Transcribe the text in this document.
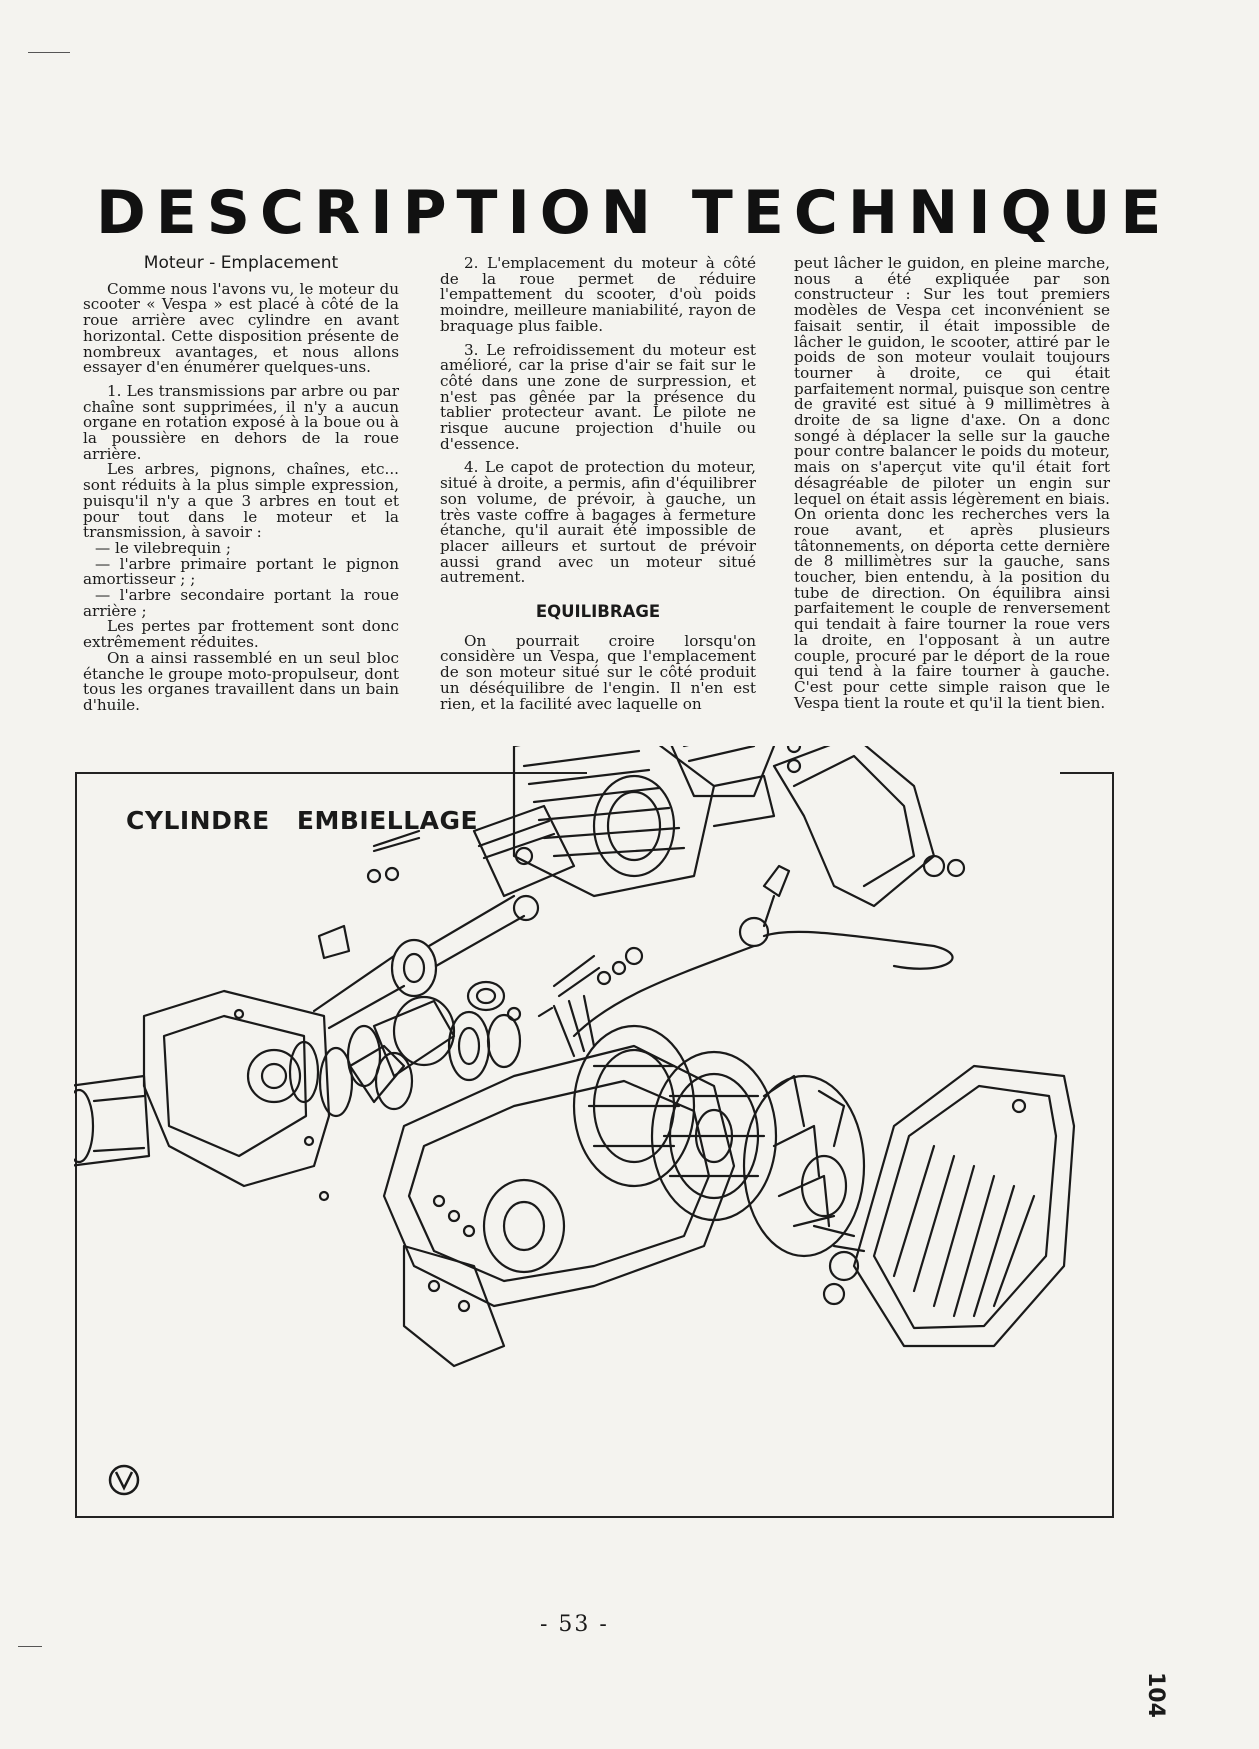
DESCRIPTION TECHNIQUE
Moteur - Emplacement

Comme nous l'avons vu, le moteur du scooter « Vespa » est placé à côté de la roue arrière avec cylindre en avant horizontal. Cette disposition présente de nombreux avantages, et nous allons essayer d'en énumérer quelques-uns.

1. Les transmissions par arbre ou par chaîne sont supprimées, il n'y a aucun organe en rotation exposé à la boue ou à la poussière en dehors de la roue arrière.

Les arbres, pignons, chaînes, etc... sont réduits à la plus simple expression, puisqu'il n'y a que 3 arbres en tout et pour tout dans le moteur et la transmission, à savoir :

— le vilebrequin ;

— l'arbre primaire portant le pignon amortisseur ; ;

— l'arbre secondaire portant la roue arrière ;

Les pertes par frottement sont donc extrêmement réduites.

On a ainsi rassemblé en un seul bloc étanche le groupe moto-propulseur, dont tous les organes travaillent dans un bain d'huile.

2. L'emplacement du moteur à côté de la roue permet de réduire l'empattement du scooter, d'où poids moindre, meilleure maniabilité, rayon de braquage plus faible.

3. Le refroidissement du moteur est amélioré, car la prise d'air se fait sur le côté dans une zone de surpression, et n'est pas gênée par la présence du tablier protecteur avant. Le pilote ne risque aucune projection d'huile ou d'essence.

4. Le capot de protection du moteur, situé à droite, a permis, afin d'équilibrer son volume, de prévoir, à gauche, un très vaste coffre à bagages à fermeture étanche, qu'il aurait été impossible de placer ailleurs et surtout de prévoir aussi grand avec un moteur situé autrement.

EQUILIBRAGE

On pourrait croire lorsqu'on considère un Vespa, que l'emplacement de son moteur situé sur le côté produit un déséquilibre de l'engin. Il n'en est rien, et la facilité avec laquelle on

peut lâcher le guidon, en pleine marche, nous a été expliquée par son constructeur : Sur les tout premiers modèles de Vespa cet inconvénient se faisait sentir, il était impossible de lâcher le guidon, le scooter, attiré par le poids de son moteur voulait toujours tourner à droite, ce qui était parfaitement normal, puisque son centre de gravité est situé à 9 millimètres à droite de sa ligne d'axe. On a donc songé à déplacer la selle sur la gauche pour contre balancer le poids du moteur, mais on s'aperçut vite qu'il était fort désagréable de piloter un engin sur lequel on était assis légèrement en biais. On orienta donc les recherches vers la roue avant, et après plusieurs tâtonnements, on déporta cette dernière de 8 millimètres sur la gauche, sans toucher, bien entendu, à la position du tube de direction. On équilibra ainsi parfaitement le couple de renversement qui tendait à faire tourner la roue vers la droite, en l'opposant à un autre couple, procuré par le déport de la roue qui tend à la faire tourner à gauche. C'est pour cette simple raison que le Vespa tient la route et qu'il la tient bien.

CYLINDRE EMBIELLAGE
- 53 -
104
